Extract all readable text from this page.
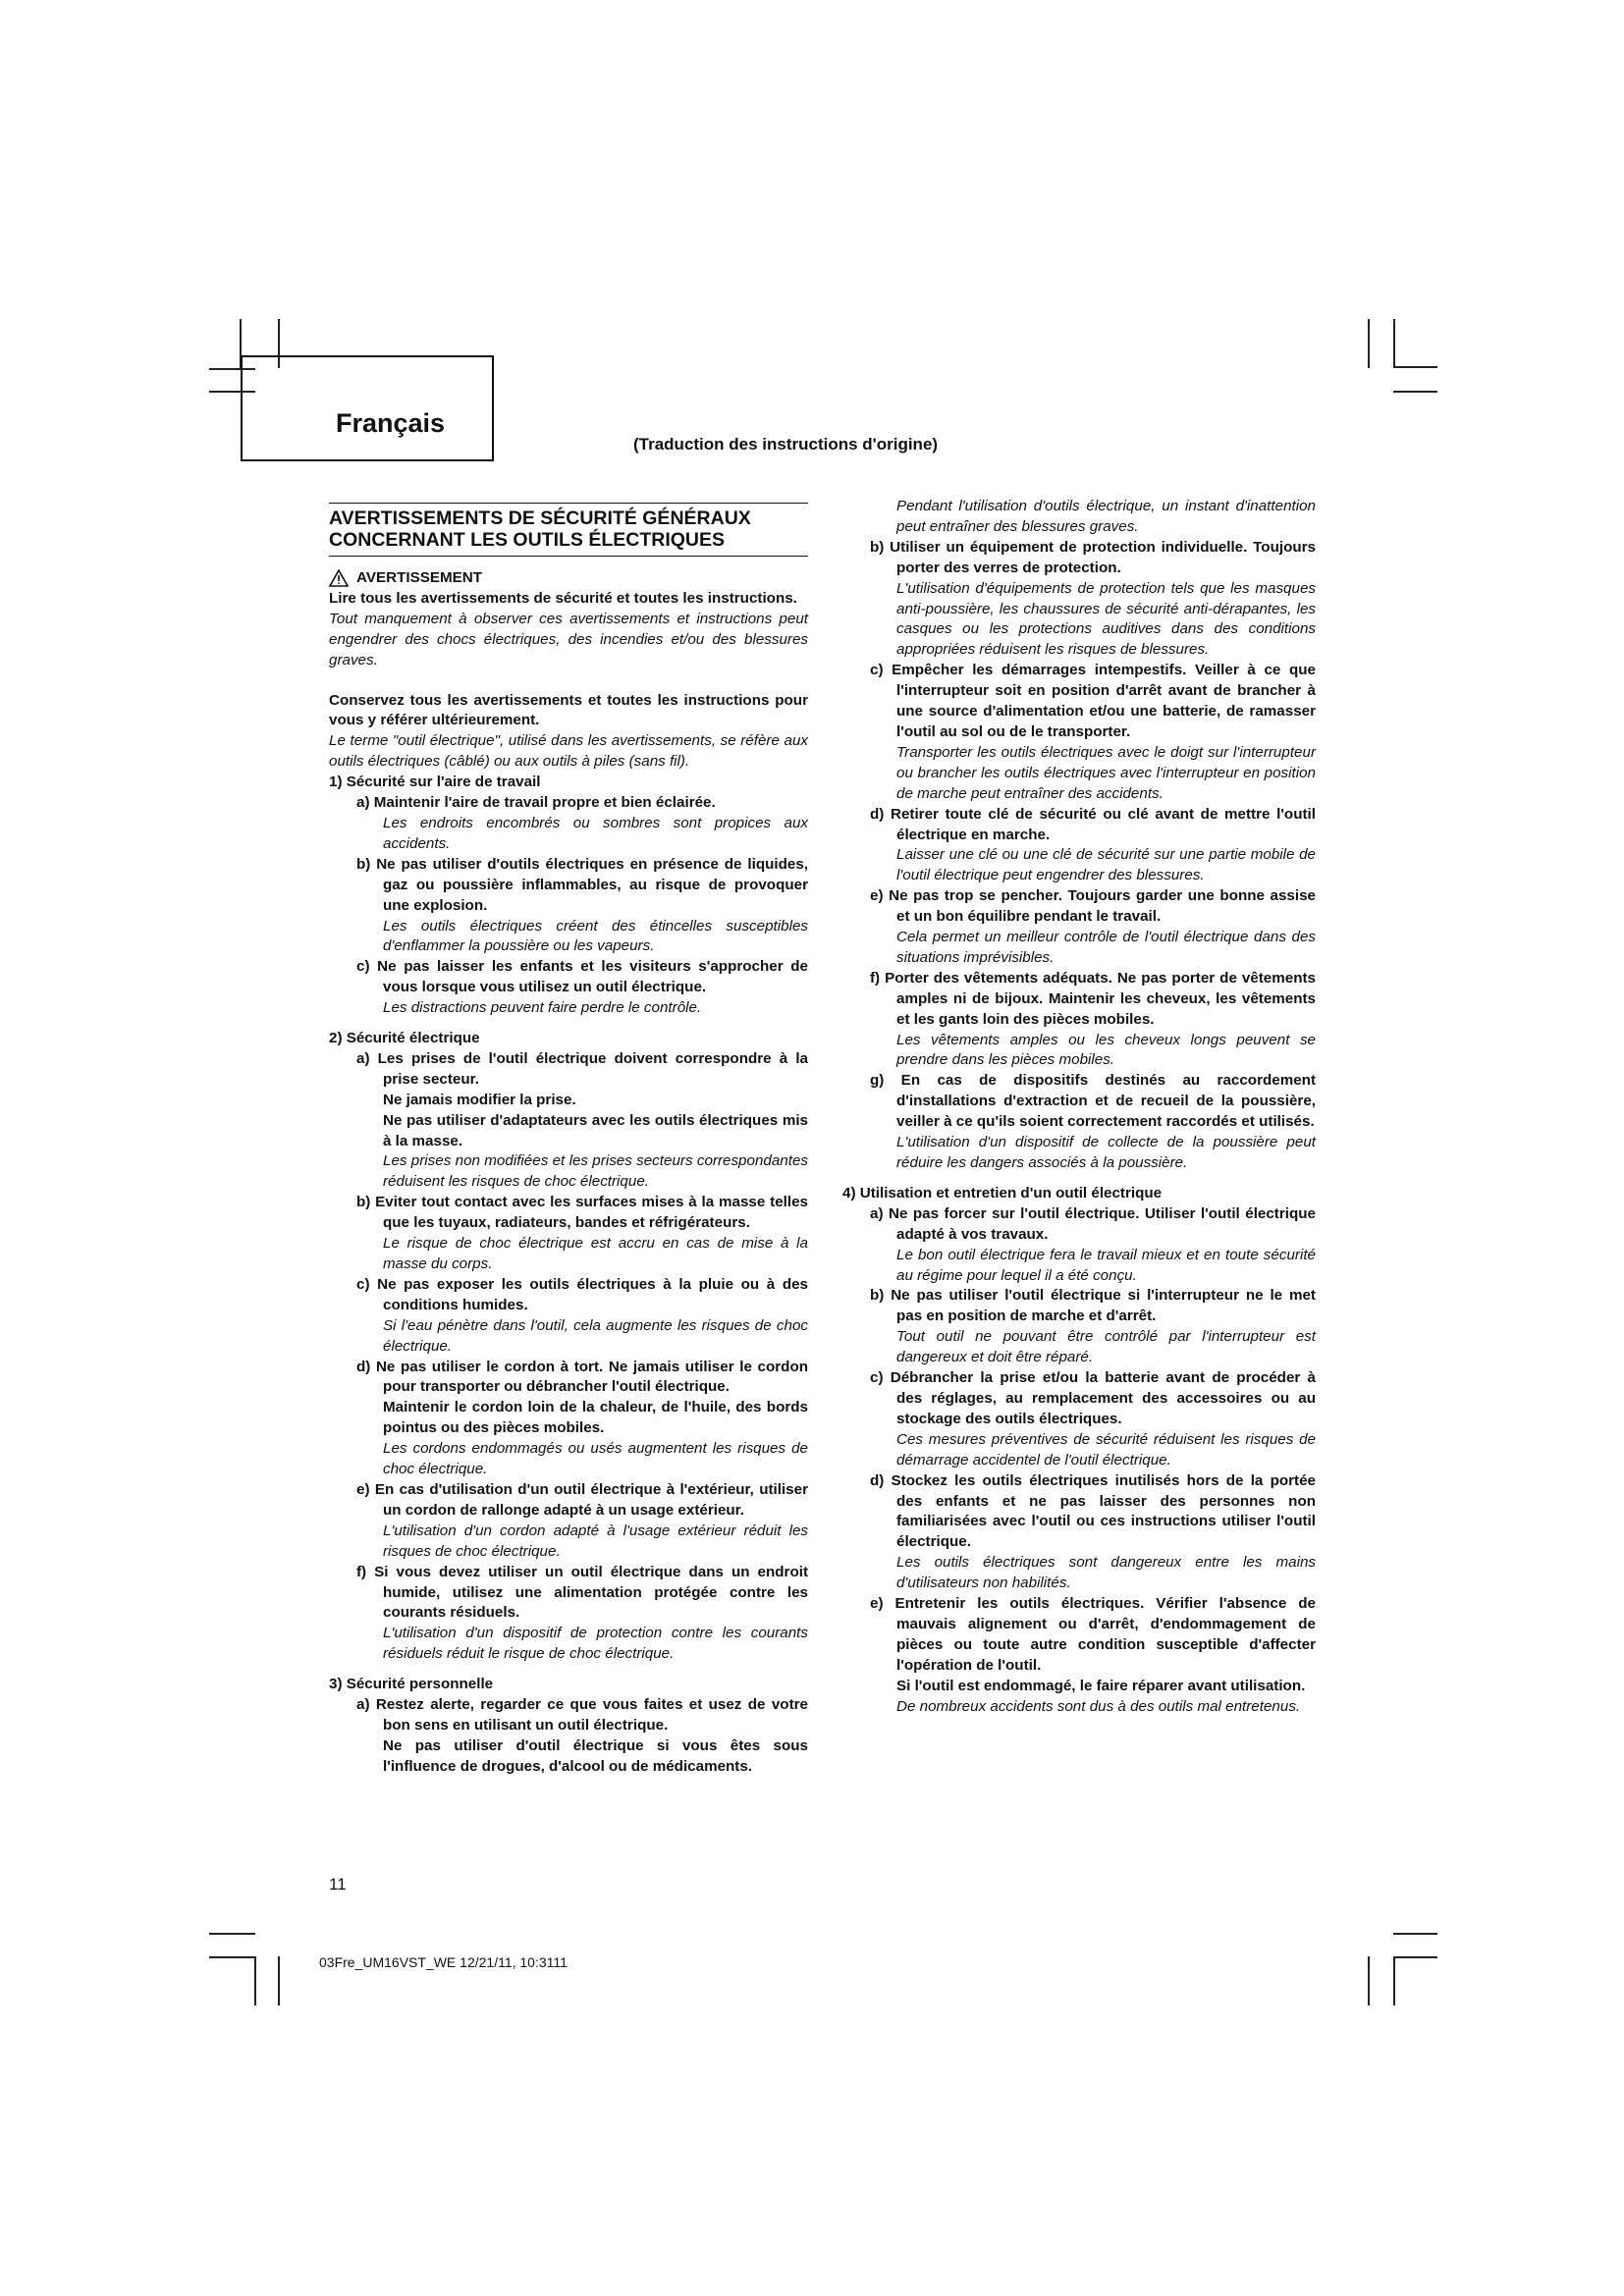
Français
(Traduction des instructions d'origine)
AVERTISSEMENTS DE SÉCURITÉ GÉNÉRAUX
CONCERNANT LES OUTILS ÉLECTRIQUES
AVERTISSEMENT

Lire tous les avertissements de sécurité et toutes les instructions.

Tout manquement à observer ces avertissements et instructions peut engendrer des chocs électriques, des incendies et/ou des blessures graves.

Conservez tous les avertissements et toutes les instructions pour vous y référer ultérieurement.

Le terme "outil électrique", utilisé dans les avertissements, se réfère aux outils électriques (câblé) ou aux outils à piles (sans fil).

1) Sécurité sur l'aire de travail

a) Maintenir l'aire de travail propre et bien éclairée.

Les endroits encombrés ou sombres sont propices aux accidents.

b) Ne pas utiliser d'outils électriques en présence de liquides, gaz ou poussière inflammables, au risque de provoquer une explosion.

Les outils électriques créent des étincelles susceptibles d'enflammer la poussière ou les vapeurs.

c) Ne pas laisser les enfants et les visiteurs s'approcher de vous lorsque vous utilisez un outil électrique.

Les distractions peuvent faire perdre le contrôle.

2) Sécurité électrique

a) Les prises de l'outil électrique doivent correspondre à la prise secteur.

Ne jamais modifier la prise.

Ne pas utiliser d'adaptateurs avec les outils électriques mis à la masse.

Les prises non modifiées et les prises secteurs correspondantes réduisent les risques de choc électrique.

b) Eviter tout contact avec les surfaces mises à la masse telles que les tuyaux, radiateurs, bandes et réfrigérateurs.

Le risque de choc électrique est accru en cas de mise à la masse du corps.

c) Ne pas exposer les outils électriques à la pluie ou à des conditions humides.

Si l'eau pénètre dans l'outil, cela augmente les risques de choc électrique.

d) Ne pas utiliser le cordon à tort. Ne jamais utiliser le cordon pour transporter ou débrancher l'outil électrique.

Maintenir le cordon loin de la chaleur, de l'huile, des bords pointus ou des pièces mobiles.

Les cordons endommagés ou usés augmentent les risques de choc électrique.

e) En cas d'utilisation d'un outil électrique à l'extérieur, utiliser un cordon de rallonge adapté à un usage extérieur.

L'utilisation d'un cordon adapté à l'usage extérieur réduit les risques de choc électrique.

f) Si vous devez utiliser un outil électrique dans un endroit humide, utilisez une alimentation protégée contre les courants résiduels.

L'utilisation d'un dispositif de protection contre les courants résiduels réduit le risque de choc électrique.

3) Sécurité personnelle

a) Restez alerte, regarder ce que vous faites et usez de votre bon sens en utilisant un outil électrique.

Ne pas utiliser d'outil électrique si vous êtes sous l'influence de drogues, d'alcool ou de médicaments.

Pendant l'utilisation d'outils électrique, un instant d'inattention peut entraîner des blessures graves.

b) Utiliser un équipement de protection individuelle. Toujours porter des verres de protection.

L'utilisation d'équipements de protection tels que les masques anti-poussière, les chaussures de sécurité anti-dérapantes, les casques ou les protections auditives dans des conditions appropriées réduisent les risques de blessures.

c) Empêcher les démarrages intempestifs. Veiller à ce que l'interrupteur soit en position d'arrêt avant de brancher à une source d'alimentation et/ou une batterie, de ramasser l'outil au sol ou de le transporter.

Transporter les outils électriques avec le doigt sur l'interrupteur ou brancher les outils électriques avec l'interrupteur en position de marche peut entraîner des accidents.

d) Retirer toute clé de sécurité ou clé avant de mettre l'outil électrique en marche.

Laisser une clé ou une clé de sécurité sur une partie mobile de l'outil électrique peut engendrer des blessures.

e) Ne pas trop se pencher. Toujours garder une bonne assise et un bon équilibre pendant le travail.

Cela permet un meilleur contrôle de l'outil électrique dans des situations imprévisibles.

f) Porter des vêtements adéquats. Ne pas porter de vêtements amples ni de bijoux. Maintenir les cheveux, les vêtements et les gants loin des pièces mobiles.

Les vêtements amples ou les cheveux longs peuvent se prendre dans les pièces mobiles.

g) En cas de dispositifs destinés au raccordement d'installations d'extraction et de recueil de la poussière, veiller à ce qu'ils soient correctement raccordés et utilisés.

L'utilisation d'un dispositif de collecte de la poussière peut réduire les dangers associés à la poussière.

4) Utilisation et entretien d'un outil électrique

a) Ne pas forcer sur l'outil électrique. Utiliser l'outil électrique adapté à vos travaux.

Le bon outil électrique fera le travail mieux et en toute sécurité au régime pour lequel il a été conçu.

b) Ne pas utiliser l'outil électrique si l'interrupteur ne le met pas en position de marche et d'arrêt.

Tout outil ne pouvant être contrôlé par l'interrupteur est dangereux et doit être réparé.

c) Débrancher la prise et/ou la batterie avant de procéder à des réglages, au remplacement des accessoires ou au stockage des outils électriques.

Ces mesures préventives de sécurité réduisent les risques de démarrage accidentel de l'outil électrique.

d) Stockez les outils électriques inutilisés hors de la portée des enfants et ne pas laisser des personnes non familiarisées avec l'outil ou ces instructions utiliser l'outil électrique.

Les outils électriques sont dangereux entre les mains d'utilisateurs non habilités.

e) Entretenir les outils électriques. Vérifier l'absence de mauvais alignement ou d'arrêt, d'endommagement de pièces ou toute autre condition susceptible d'affecter l'opération de l'outil.

Si l'outil est endommagé, le faire réparer avant utilisation.

De nombreux accidents sont dus à des outils mal entretenus.

11
03Fre_UM16VST_WE 12/21/11, 10:3111
